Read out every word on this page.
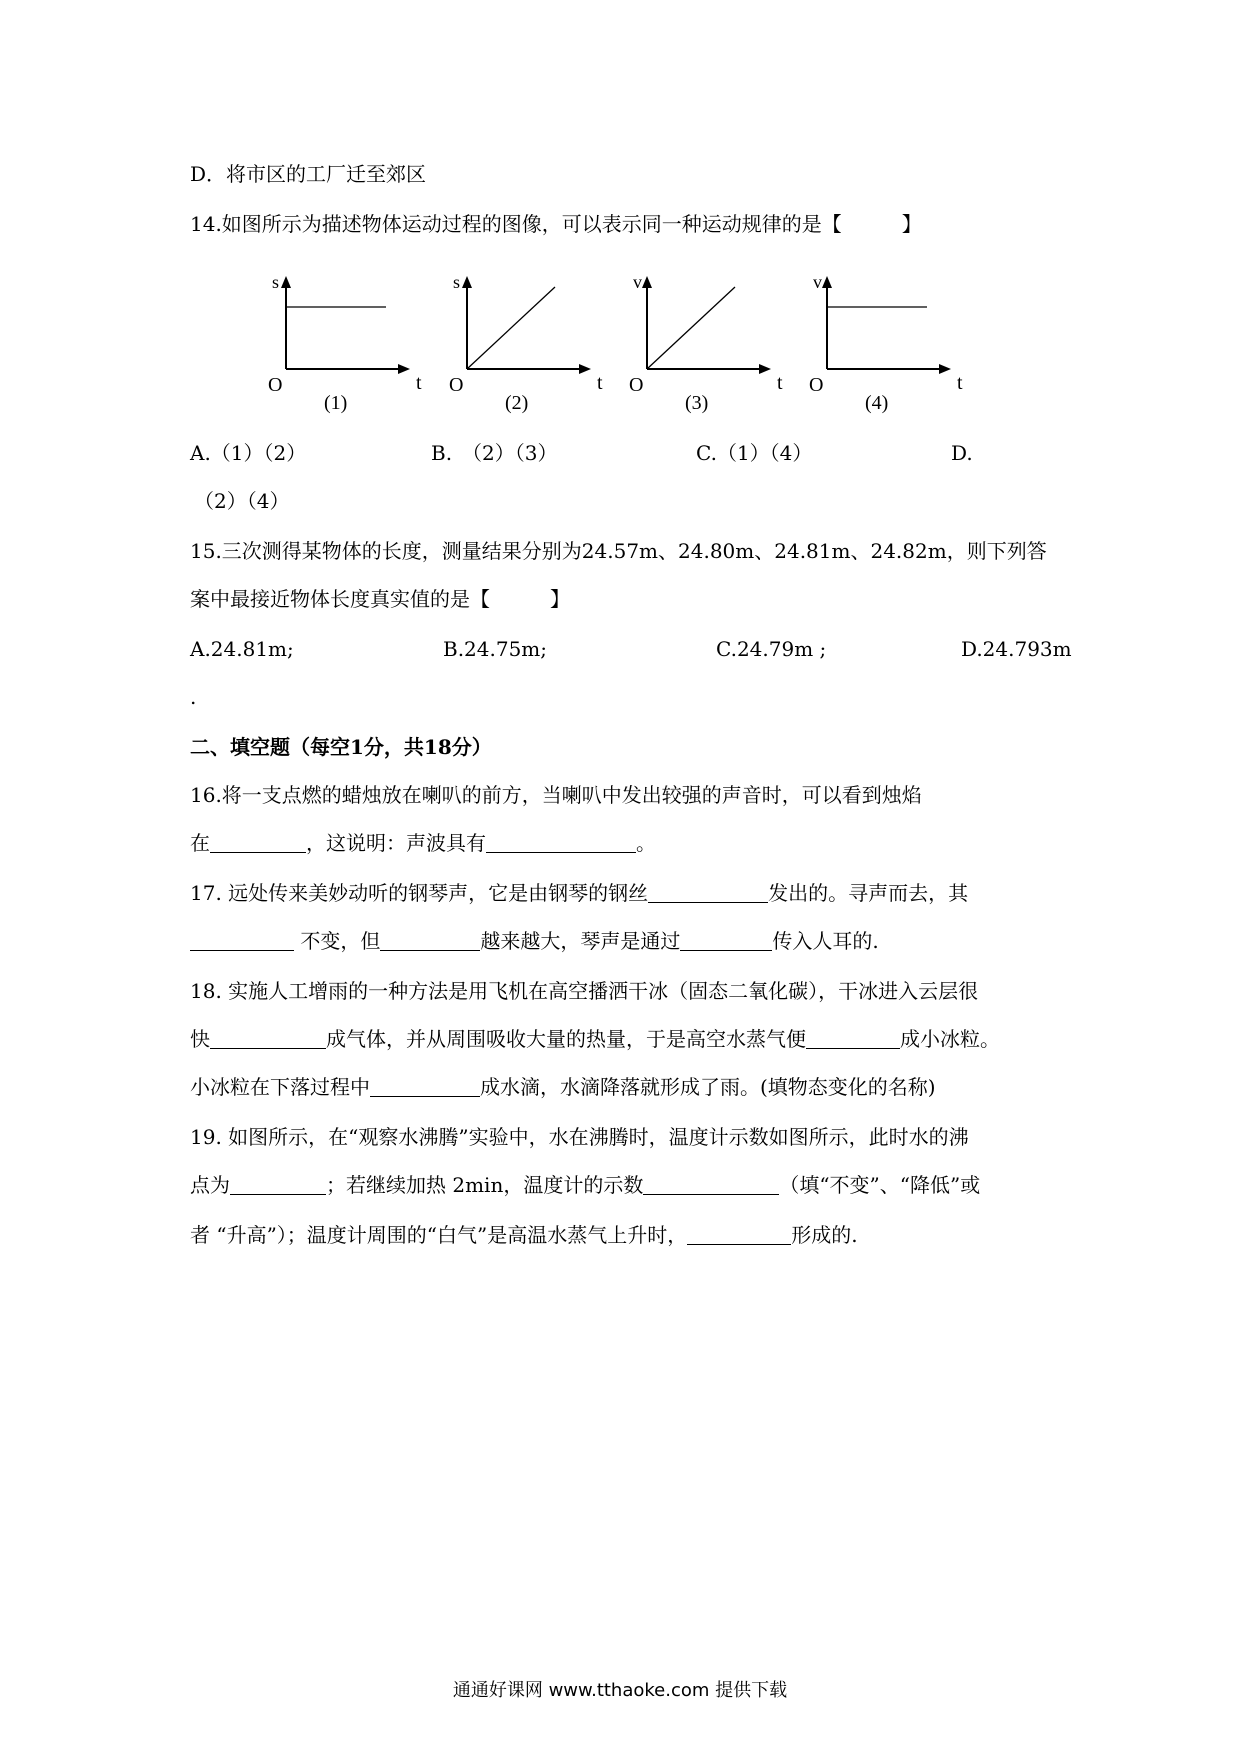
D．将市区的工厂迁至郊区
14.如图所示为描述物体运动过程的图像，可以表示同一种运动规律的是【　　　】
s
O	t
(1)
s
O	t
(2)
v
O	t
(3)
v
O	t
(4)
A.（1）（2）	B.　（2）（3）	C.（1）（4）	D.
（2）（4）
15.三次测得某物体的长度，测量结果分别为24.57m、24.80m、24.81m、24.82m，则下列答
案中最接近物体长度真实值的是【　　　】
A.24.81m;	B.24.75m;	C.24.79m ;	D.24.793m
.
二、填空题（每空1分，共18分）
16.将一支点燃的蜡烛放在喇叭的前方，当喇叭中发出较强的声音时，可以看到烛焰
在	，这说明：声波具有	。
17. 远处传来美妙动听的钢琴声，它是由钢琴的钢丝	发出的。寻声而去，其
不变，但	越来越大，琴声是通过	传入人耳的.
18. 实施人工增雨的一种方法是用飞机在高空播洒干冰（固态二氧化碳），干冰进入云层很
快	成气体，并从周围吸收大量的热量，于是高空水蒸气便	成小冰粒。
小冰粒在下落过程中	成水滴，水滴降落就形成了雨。(填物态变化的名称)
19. 如图所示，在“观察水沸腾”实验中，水在沸腾时，温度计示数如图所示，此时水的沸
点为	；若继续加热 2min，温度计的示数	（填“不变”、“降低”或
者 “升高”）；温度计周围的“白气”是高温水蒸气上升时，	形成的.
通通好课网 www.tthaoke.com 提供下载
